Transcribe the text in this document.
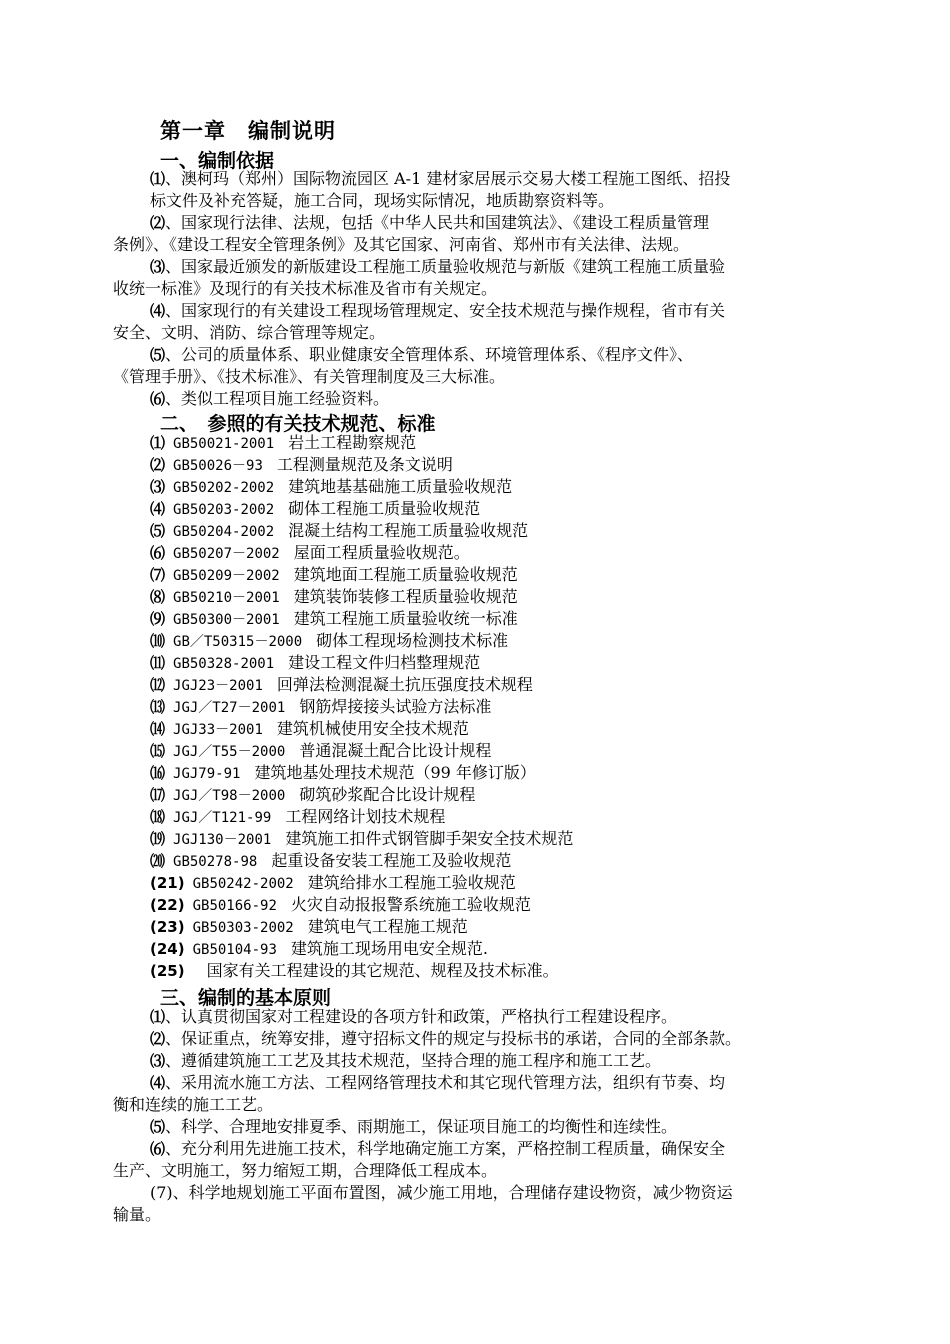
第一章　编制说明
一、编制依据
⑴、澳柯玛（郑州）国际物流园区 A-1 建材家居展示交易大楼工程施工图纸、招投
标文件及补充答疑，施工合同，现场实际情况，地质勘察资料等。
⑵、国家现行法律、法规，包括《中华人民共和国建筑法》、《建设工程质量管理
条例》、《建设工程安全管理条例》及其它国家、河南省、郑州市有关法律、法规。
⑶、国家最近颁发的新版建设工程施工质量验收规范与新版《建筑工程施工质量验
收统一标准》及现行的有关技术标准及省市有关规定。
⑷、国家现行的有关建设工程现场管理规定、安全技术规范与操作规程，省市有关
安全、文明、消防、综合管理等规定。
⑸、公司的质量体系、职业健康安全管理体系、环境管理体系、《程序文件》、
《管理手册》、《技术标准》、有关管理制度及三大标准。
⑹、类似工程项目施工经验资料。
二、　参照的有关技术规范、标准
⑴ GB50021-2001 岩土工程勘察规范
⑵ GB50026－93 工程测量规范及条文说明
⑶ GB50202-2002 建筑地基基础施工质量验收规范
⑷ GB50203-2002 砌体工程施工质量验收规范
⑸ GB50204-2002 混凝土结构工程施工质量验收规范
⑹ GB50207－2002 屋面工程质量验收规范。
⑺ GB50209－2002 建筑地面工程施工质量验收规范
⑻ GB50210－2001 建筑装饰装修工程质量验收规范
⑼ GB50300－2001 建筑工程施工质量验收统一标准
⑽ GB／T50315－2000 砌体工程现场检测技术标准
⑾ GB50328-2001 建设工程文件归档整理规范
⑿ JGJ23－2001 回弹法检测混凝土抗压强度技术规程
⒀ JGJ／T27－2001 钢筋焊接接头试验方法标准
⒁ JGJ33－2001 建筑机械使用安全技术规范
⒂ JGJ／T55－2000 普通混凝土配合比设计规程
⒃ JGJ79-91 建筑地基处理技术规范（99 年修订版）
⒄ JGJ／T98－2000 砌筑砂浆配合比设计规程
⒅ JGJ／T121-99 工程网络计划技术规程
⒆ JGJ130－2001 建筑施工扣件式钢管脚手架安全技术规范
⒇ GB50278-98 起重设备安装工程施工及验收规范
(21) GB50242-2002 建筑给排水工程施工验收规范
(22) GB50166-92 火灾自动报报警系统施工验收规范
(23) GB50303-2002 建筑电气工程施工规范
(24) GB50104-93 建筑施工现场用电安全规范.
(25) 国家有关工程建设的其它规范、规程及技术标准。
三、编制的基本原则
⑴、认真贯彻国家对工程建设的各项方针和政策，严格执行工程建设程序。
⑵、保证重点，统筹安排，遵守招标文件的规定与投标书的承诺，合同的全部条款。
⑶、遵循建筑施工工艺及其技术规范，坚持合理的施工程序和施工工艺。
⑷、采用流水施工方法、工程网络管理技术和其它现代管理方法，组织有节奏、均
衡和连续的施工工艺。
⑸、科学、合理地安排夏季、雨期施工，保证项目施工的均衡性和连续性。
⑹、充分利用先进施工技术，科学地确定施工方案，严格控制工程质量，确保安全
生产、文明施工，努力缩短工期，合理降低工程成本。
(7)、科学地规划施工平面布置图，减少施工用地，合理储存建设物资，减少物资运
输量。
